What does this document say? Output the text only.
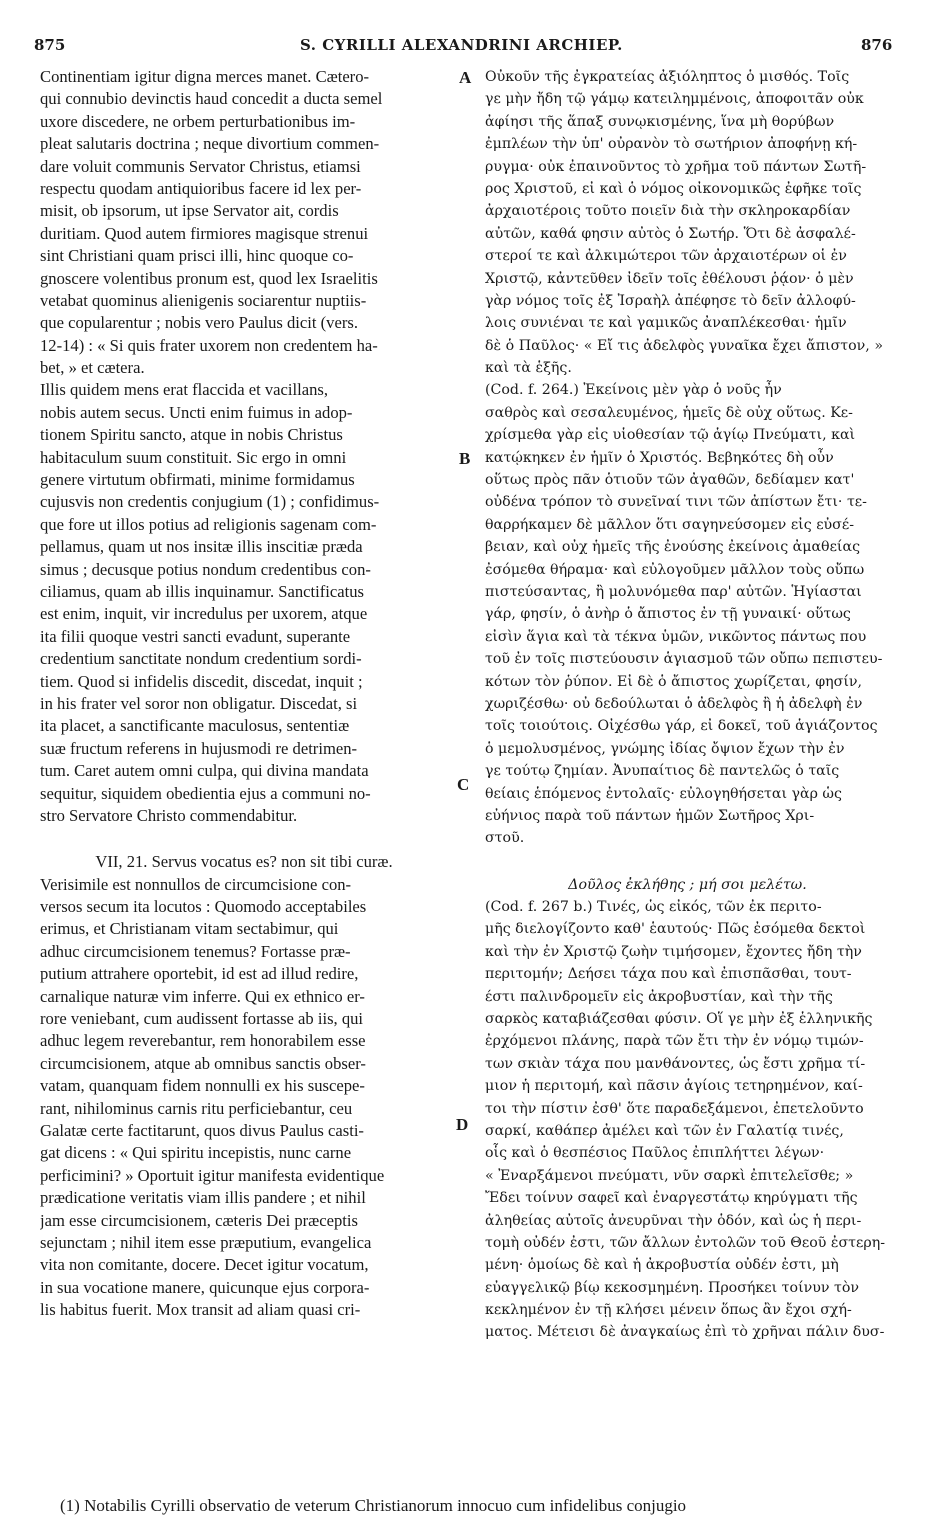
875	S. CYRILLI ALEXANDRINI ARCHIEP.	876
Continentiam igitur digna merces manet. Cætero-
qui connubio devinctis haud concedit a ducta semel
uxore discedere, ne orbem perturbationibus im-
pleat salutaris doctrina ; neque divortium commen-
dare voluit communis Servator Christus, etiamsi
respectu quodam antiquioribus facere id lex per-
misit, ob ipsorum, ut ipse Servator ait, cordis
duritiam. Quod autem firmiores magisque strenui
sint Christiani quam prisci illi, hinc quoque co-
gnoscere volentibus pronum est, quod lex Israelitis
vetabat quominus alienigenis sociarentur nuptiis-
que copularentur ; nobis vero Paulus dicit (vers.
12-14) : « Si quis frater uxorem non credentem ha-
bet, » et cætera.
Illis quidem mens erat flaccida et vacillans,
nobis autem secus. Uncti enim fuimus in adop-
tionem Spiritu sancto, atque in nobis Christus
habitaculum suum constituit. Sic ergo in omni
genere virtutum obfirmati, minime formidamus
cujusvis non credentis conjugium (1) ; confidimus-
que fore ut illos potius ad religionis sagenam com-
pellamus, quam ut nos insitæ illis inscitiæ præda
simus ; decusque potius nondum credentibus con-
ciliamus, quam ab illis inquinamur. Sanctificatus
est enim, inquit, vir incredulus per uxorem, atque
ita filii quoque vestri sancti evadunt, superante
credentium sanctitate nondum credentium sordi-
tiem. Quod si infidelis discedit, discedat, inquit ;
in his frater vel soror non obligatur. Discedat, si
ita placet, a sanctificante maculosus, sententiæ
suæ fructum referens in hujusmodi re detrimen-
tum. Caret autem omni culpa, qui divina mandata
sequitur, siquidem obedientia ejus a communi no-
stro Servatore Christo commendabitur.
VII, 21. Servus vocatus es? non sit tibi curæ.
Verisimile est nonnullos de circumcisione con-
versos secum ita locutos : Quomodo acceptabiles
erimus, et Christianam vitam sectabimur, qui
adhuc circumcisionem tenemus? Fortasse præ-
putium attrahere oportebit, id est ad illud redire,
carnalique naturæ vim inferre. Qui ex ethnico er-
rore veniebant, cum audissent fortasse ab iis, qui
adhuc legem reverebantur, rem honorabilem esse
circumcisionem, atque ab omnibus sanctis obser-
vatam, quanquam fidem nonnulli ex his suscepe-
rant, nihilominus carnis ritu perficiebantur, ceu
Galatæ certe factitarunt, quos divus Paulus casti-
gat dicens : « Qui spiritu incepistis, nunc carne
perficimini? » Oportuit igitur manifesta evidentique
prædicatione veritatis viam illis pandere ; et nihil
jam esse circumcisionem, cæteris Dei præceptis
sejunctam ; nihil item esse præputium, evangelica
vita non comitante, docere. Decet igitur vocatum,
in sua vocatione manere, quicunque ejus corpora-
lis habitus fuerit. Mox transit ad aliam quasi cri-
Οὐκοῦν τῆς ἐγκρατείας ἀξιόληπτος ὁ μισθός. Τοῖς
γε μὴν ἤδη τῷ γάμῳ κατειλημμένοις, ἀποφοιτᾶν οὐκ
ἀφίησι τῆς ἅπαξ συνῳκισμένης, ἵνα μὴ θορύβων
ἐμπλέων τὴν ὑπ' οὐρανὸν τὸ σωτήριον ἀποφήνῃ κή-
ρυγμα· οὐκ ἐπαινοῦντος τὸ χρῆμα τοῦ πάντων Σωτῆ-
ρος Χριστοῦ, εἰ καὶ ὁ νόμος οἰκονομικῶς ἐφῆκε τοῖς
ἀρχαιοτέροις τοῦτο ποιεῖν διὰ τὴν σκληροκαρδίαν
αὐτῶν, καθά φησιν αὐτὸς ὁ Σωτήρ. Ὅτι δὲ ἀσφαλέ-
στεροί τε καὶ ἀλκιμώτεροι τῶν ἀρχαιοτέρων οἱ ἐν
Χριστῷ, κἀντεῦθεν ἰδεῖν τοῖς ἐθέλουσι ῥᾴον· ὁ μὲν
γὰρ νόμος τοῖς ἐξ Ἰσραὴλ ἀπέφησε τὸ δεῖν ἀλλοφύ-
λοις συνιέναι τε καὶ γαμικῶς ἀναπλέκεσθαι· ἡμῖν
δὲ ὁ Παῦλος· « Εἴ τις ἀδελφὸς γυναῖκα ἔχει ἄπιστον, »
καὶ τὰ ἑξῆς.
(Cod. f. 264.) Ἐκείνοις μὲν γὰρ ὁ νοῦς ἦν
σαθρὸς καὶ σεσαλευμένος, ἡμεῖς δὲ οὐχ οὕτως. Κε-
χρίσμεθα γὰρ εἰς υἱοθεσίαν τῷ ἁγίῳ Πνεύματι, καὶ
κατῴκηκεν ἐν ἡμῖν ὁ Χριστός. Βεβηκότες δὴ οὖν
οὕτως πρὸς πᾶν ὁτιοῦν τῶν ἀγαθῶν, δεδίαμεν κατ'
οὐδένα τρόπον τὸ συνεῖναί τινι τῶν ἀπίστων ἔτι· τε-
θαρρήκαμεν δὲ μᾶλλον ὅτι σαγηνεύσομεν εἰς εὐσέ-
βειαν, καὶ οὐχ ἡμεῖς τῆς ἐνούσης ἐκείνοις ἀμαθείας
ἐσόμεθα θήραμα· καὶ εὐλογοῦμεν μᾶλλον τοὺς οὔπω
πιστεύσαντας, ἢ μολυνόμεθα παρ' αὐτῶν. Ἡγίασται
γάρ, φησίν, ὁ ἀνὴρ ὁ ἄπιστος ἐν τῇ γυναικί· οὕτως
εἰσὶν ἅγια καὶ τὰ τέκνα ὑμῶν, νικῶντος πάντως που
τοῦ ἐν τοῖς πιστεύουσιν ἁγιασμοῦ τῶν οὔπω πεπιστευ-
κότων τὸν ῥύπον. Εἰ δὲ ὁ ἄπιστος χωρίζεται, φησίν,
χωριζέσθω· οὐ δεδούλωται ὁ ἀδελφὸς ἢ ἡ ἀδελφὴ ἐν
τοῖς τοιούτοις. Οἰχέσθω γάρ, εἰ δοκεῖ, τοῦ ἁγιάζοντος
ὁ μεμολυσμένος, γνώμης ἰδίας ὄψιον ἔχων τὴν ἐν
γε τούτῳ ζημίαν. Ἀνυπαίτιος δὲ παντελῶς ὁ ταῖς
θείαις ἑπόμενος ἐντολαῖς· εὐλογηθήσεται γὰρ ὡς
εὐήνιος παρὰ τοῦ πάντων ἡμῶν Σωτῆρος Χρι-
στοῦ.
Δοῦλος ἐκλήθης ; μή σοι μελέτω.
(Cod. f. 267 b.) Τινές, ὡς εἰκός, τῶν ἐκ περιτο-
μῆς διελογίζοντο καθ' ἑαυτούς· Πῶς ἐσόμεθα δεκτοὶ
καὶ τὴν ἐν Χριστῷ ζωὴν τιμήσομεν, ἔχοντες ἤδη τὴν
περιτομήν; Δεήσει τάχα που καὶ ἐπισπᾶσθαι, τουτ-
έστι παλινδρομεῖν εἰς ἀκροβυστίαν, καὶ τὴν τῆς
σαρκὸς καταβιάζεσθαι φύσιν. Οἵ γε μὴν ἐξ ἑλληνικῆς
ἐρχόμενοι πλάνης, παρὰ τῶν ἔτι τὴν ἐν νόμῳ τιμών-
των σκιὰν τάχα που μανθάνοντες, ὡς ἔστι χρῆμα τί-
μιον ἡ περιτομή, καὶ πᾶσιν ἁγίοις τετηρημένον, καί-
τοι τὴν πίστιν ἐσθ' ὅτε παραδεξάμενοι, ἐπετελοῦντο
σαρκί, καθάπερ ἀμέλει καὶ τῶν ἐν Γαλατίᾳ τινές,
οἷς καὶ ὁ θεσπέσιος Παῦλος ἐπιπλήττει λέγων·
« Ἐναρξάμενοι πνεύματι, νῦν σαρκὶ ἐπιτελεῖσθε; »
Ἔδει τοίνυν σαφεῖ καὶ ἐναργεστάτῳ κηρύγματι τῆς
ἀληθείας αὐτοῖς ἀνευρῦναι τὴν ὁδόν, καὶ ὡς ἡ περι-
τομὴ οὐδέν ἐστι, τῶν ἄλλων ἐντολῶν τοῦ Θεοῦ ἐστερη-
μένη· ὁμοίως δὲ καὶ ἡ ἀκροβυστία οὐδέν ἐστι, μὴ
εὐαγγελικῷ βίῳ κεκοσμημένη. Προσήκει τοίνυν τὸν
κεκλημένον ἐν τῇ κλήσει μένειν ὅπως ἂν ἔχοι σχή-
ματος. Μέτεισι δὲ ἀναγκαίως ἐπὶ τὸ χρῆναι πάλιν δυσ-
A
B
C
D
(1) Notabilis Cyrilli observatio de veterum Christianorum innocuo cum infidelibus conjugio
